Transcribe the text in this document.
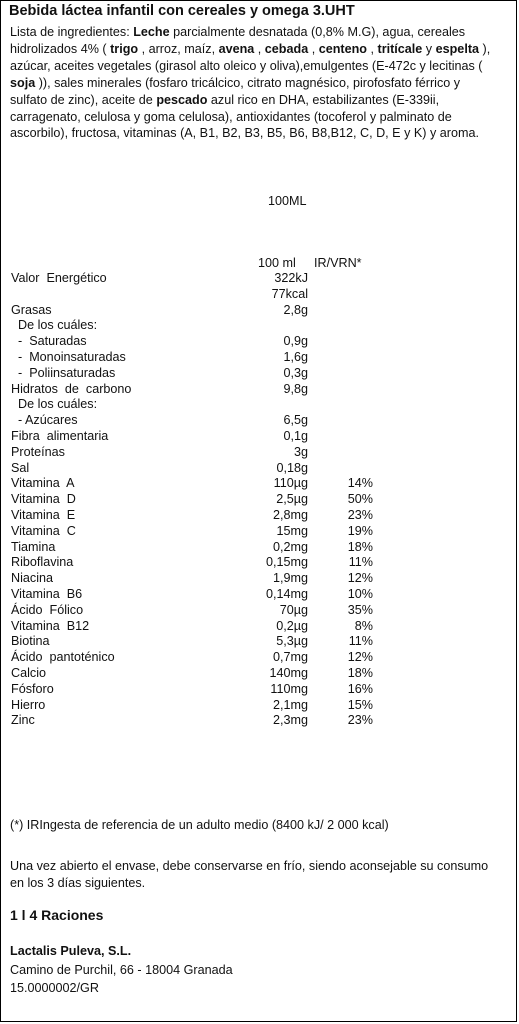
Bebida láctea infantil con cereales y omega 3.UHT
Lista de ingredientes: Leche parcialmente desnatada (0,8% M.G), agua, cereales hidrolizados 4% ( trigo , arroz, maíz, avena , cebada , centeno , tritícale y espelta ), azúcar, aceites vegetales (girasol alto oleico y oliva),emulgentes (E-472c y lecitinas ( soja )), sales minerales (fosfaro tricálcico, citrato magnésico, pirofosfato férrico y sulfato de zinc), aceite de pescado azul rico en DHA, estabilizantes (E-339ii, carragenato, celulosa y goma celulosa), antioxidantes (tocoferol y palminato de ascorbilo), fructosa, vitaminas (A, B1, B2, B3, B5, B6, B8,B12, C, D, E y K) y aroma.
100ML
100 ml IR/VRN*
Valor  Energético	322kJ
77kcal
Grasas	2,8g
De los cuáles:
-  Saturadas	0,9g
-  Monoinsaturadas	1,6g
-  Poliinsaturadas	0,3g
Hidratos  de  carbono	9,8g
De los cuáles:
- Azúcares	6,5g
Fibra  alimentaria	0,1g
Proteínas	3g
Sal	0,18g
Vitamina  A	110µg	14%
Vitamina  D	2,5µg	50%
Vitamina  E	2,8mg	23%
Vitamina  C	15mg	19%
Tiamina	0,2mg	18%
Riboflavina	0,15mg	11%
Niacina	1,9mg	12%
Vitamina  B6	0,14mg	10%
Ácido  Fólico	70µg	35%
Vitamina  B12	0,2µg	8%
Biotina	5,3µg	11%
Ácido  pantoténico	0,7mg	12%
Calcio	140mg	18%
Fósforo	110mg	16%
Hierro	2,1mg	15%
Zinc	2,3mg	23%
(*) IRIngesta de referencia de un adulto medio (8400 kJ/ 2 000 kcal)
Una vez abierto el envase, debe conservarse en frío, siendo aconsejable su consumo en los 3 días siguientes.
1 l 4 Raciones
Lactalis Puleva, S.L.
Camino de Purchil, 66 - 18004 Granada
15.0000002/GR
